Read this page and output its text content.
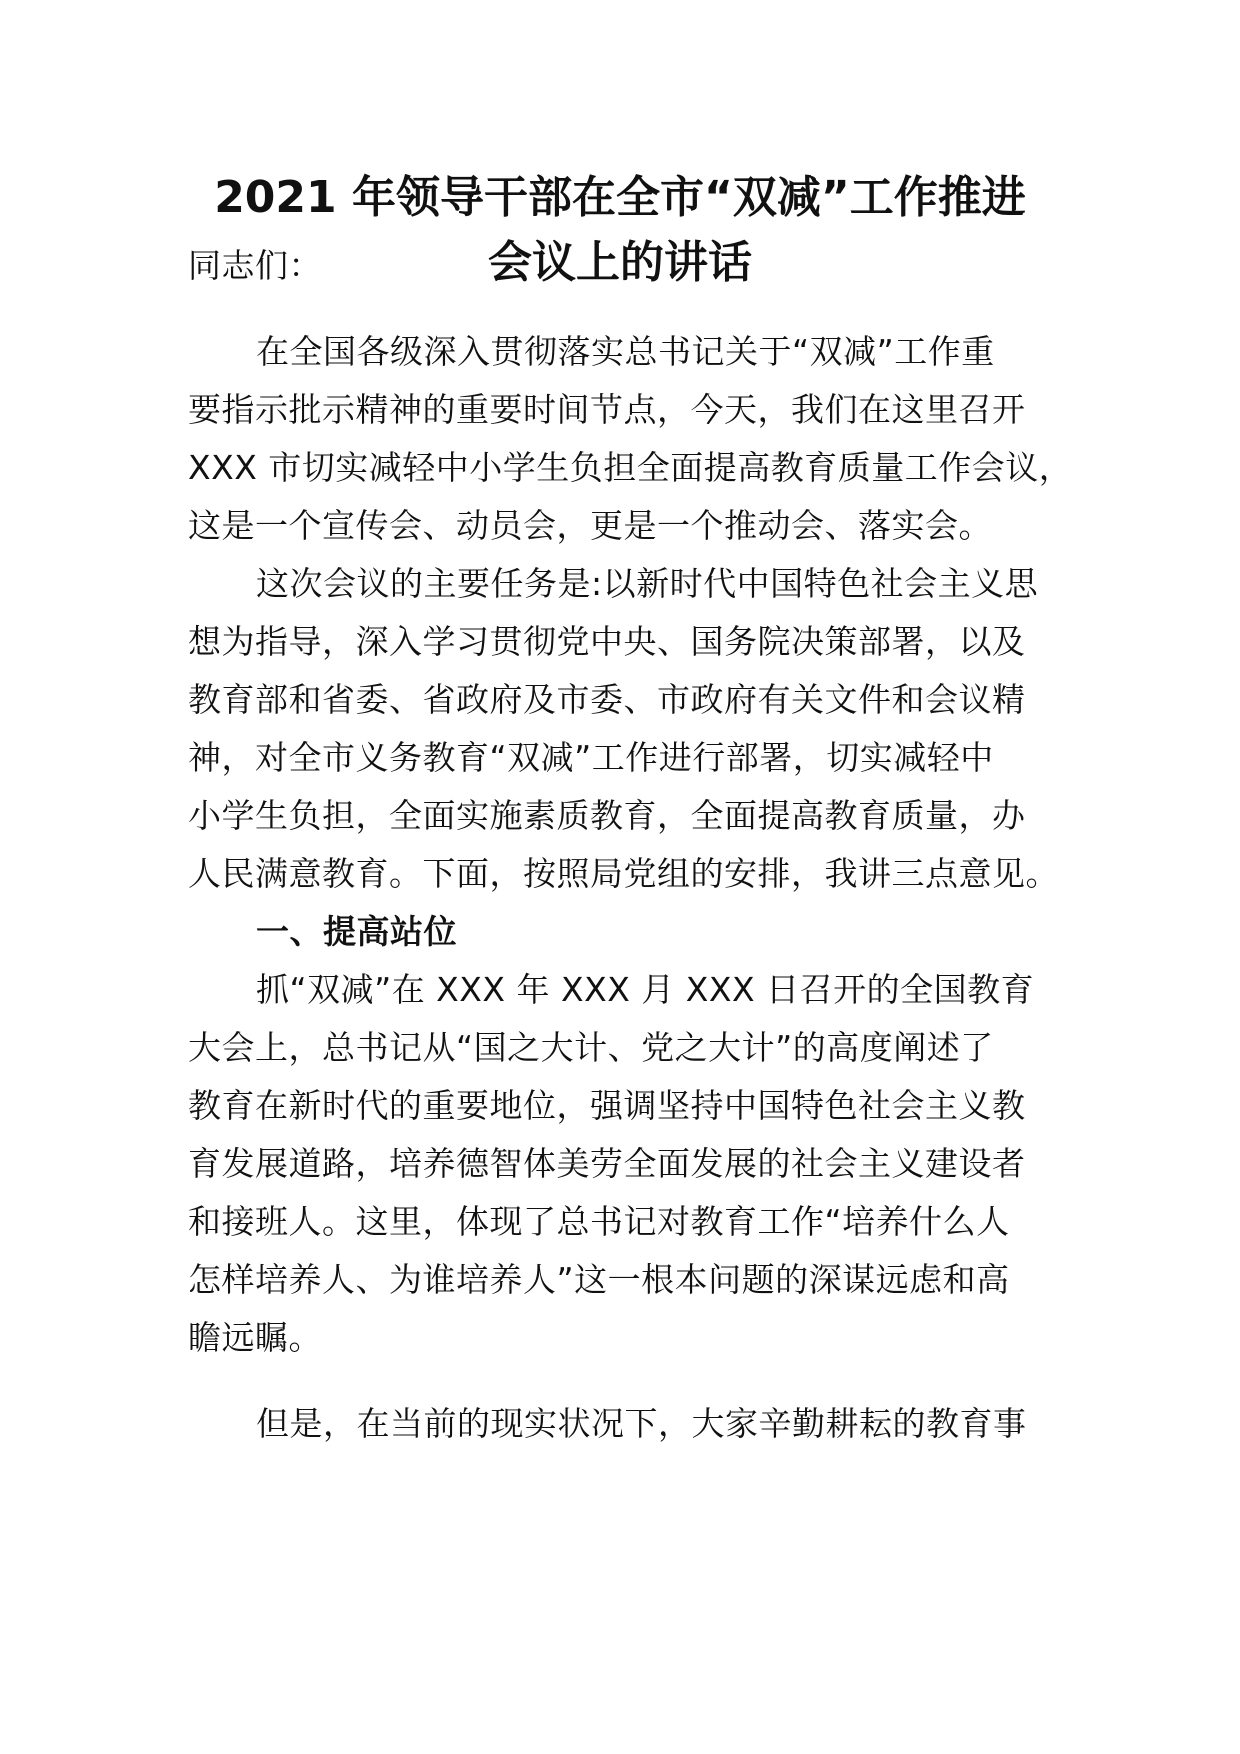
2021 年领导干部在全市“双减”工作推进
会议上的讲话
同志们：
在全国各级深入贯彻落实总书记关于“双减”工作重
要指示批示精神的重要时间节点，今天，我们在这里召开
XXX 市切实减轻中小学生负担全面提高教育质量工作会议，
这是一个宣传会、动员会，更是一个推动会、落实会。
这次会议的主要任务是:以新时代中国特色社会主义思
想为指导，深入学习贯彻党中央、国务院决策部署，以及
教育部和省委、省政府及市委、市政府有关文件和会议精
神，对全市义务教育“双减”工作进行部署，切实减轻中
小学生负担，全面实施素质教育，全面提高教育质量，办
人民满意教育。下面，按照局党组的安排，我讲三点意见。
一、提高站位
抓“双减”在 XXX 年 XXX 月 XXX 日召开的全国教育
大会上，总书记从“国之大计、党之大计”的高度阐述了
教育在新时代的重要地位，强调坚持中国特色社会主义教
育发展道路，培养德智体美劳全面发展的社会主义建设者
和接班人。这里，体现了总书记对教育工作“培养什么人
怎样培养人、为谁培养人”这一根本问题的深谋远虑和高
瞻远瞩。
但是，在当前的现实状况下，大家辛勤耕耘的教育事
